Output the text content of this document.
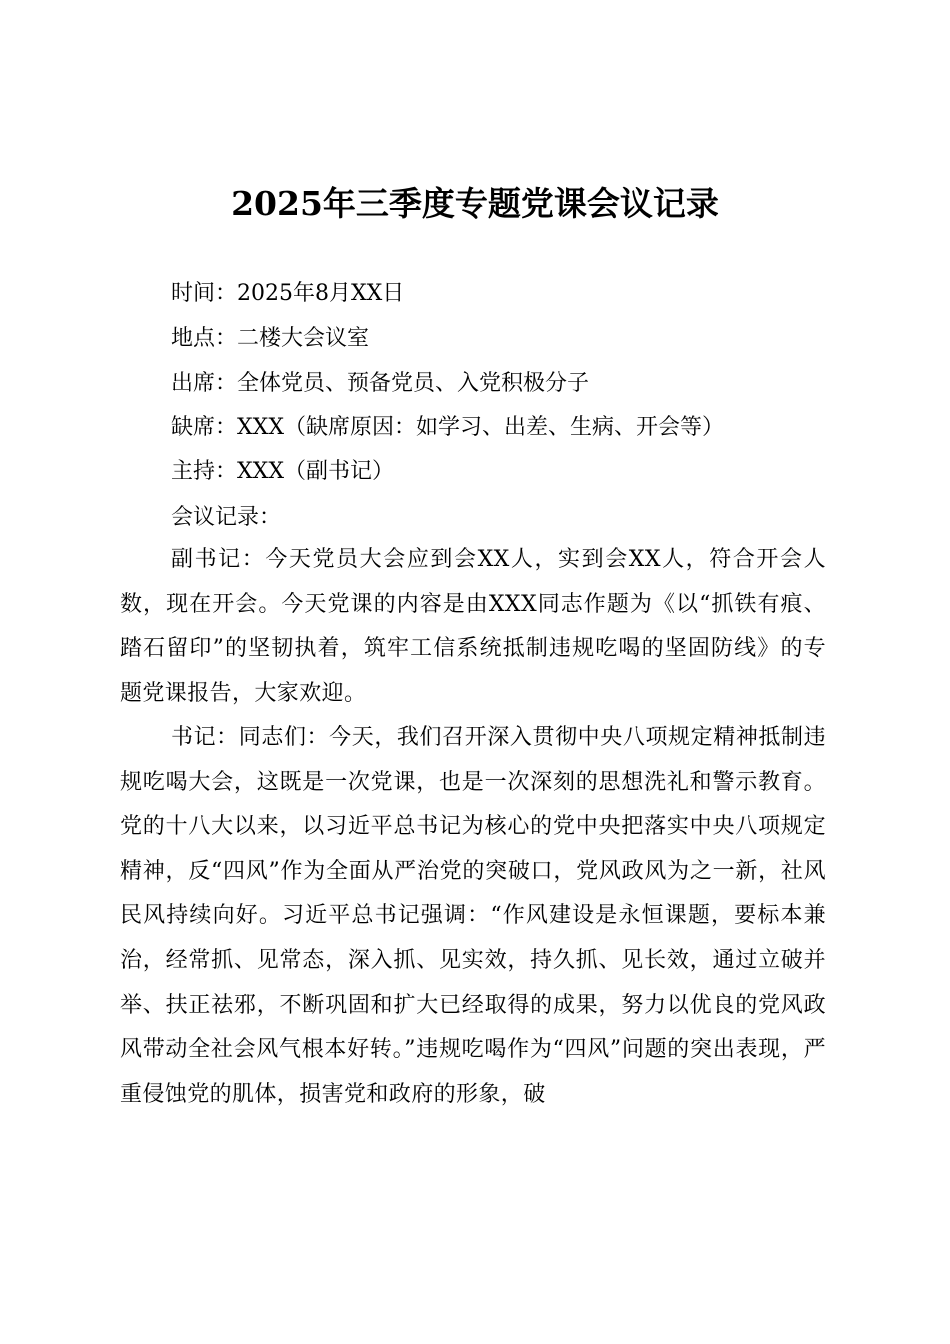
2025年三季度专题党课会议记录
时间：2025年8月XX日
地点：二楼大会议室
出席：全体党员、预备党员、入党积极分子
缺席：XXX（缺席原因：如学习、出差、生病、开会等）
主持：XXX（副书记）
会议记录：

副书记：今天党员大会应到会XX人，实到会XX人，符合开会人数，现在开会。今天党课的内容是由XXX同志作题为《以“抓铁有痕、踏石留印”的坚韧执着，筑牢工信系统抵制违规吃喝的坚固防线》的专题党课报告，大家欢迎。

书记：同志们：今天，我们召开深入贯彻中央八项规定精神抵制违规吃喝大会，这既是一次党课，也是一次深刻的思想洗礼和警示教育。党的十八大以来，以习近平总书记为核心的党中央把落实中央八项规定精神，反“四风”作为全面从严治党的突破口，党风政风为之一新，社风民风持续向好。习近平总书记强调：“作风建设是永恒课题，要标本兼治，经常抓、见常态，深入抓、见实效，持久抓、见长效，通过立破并举、扶正祛邪，不断巩固和扩大已经取得的成果，努力以优良的党风政风带动全社会风气根本好转。”违规吃喝作为“四风”问题的突出表现，严重侵蚀党的肌体，损害党和政府的形象，破
